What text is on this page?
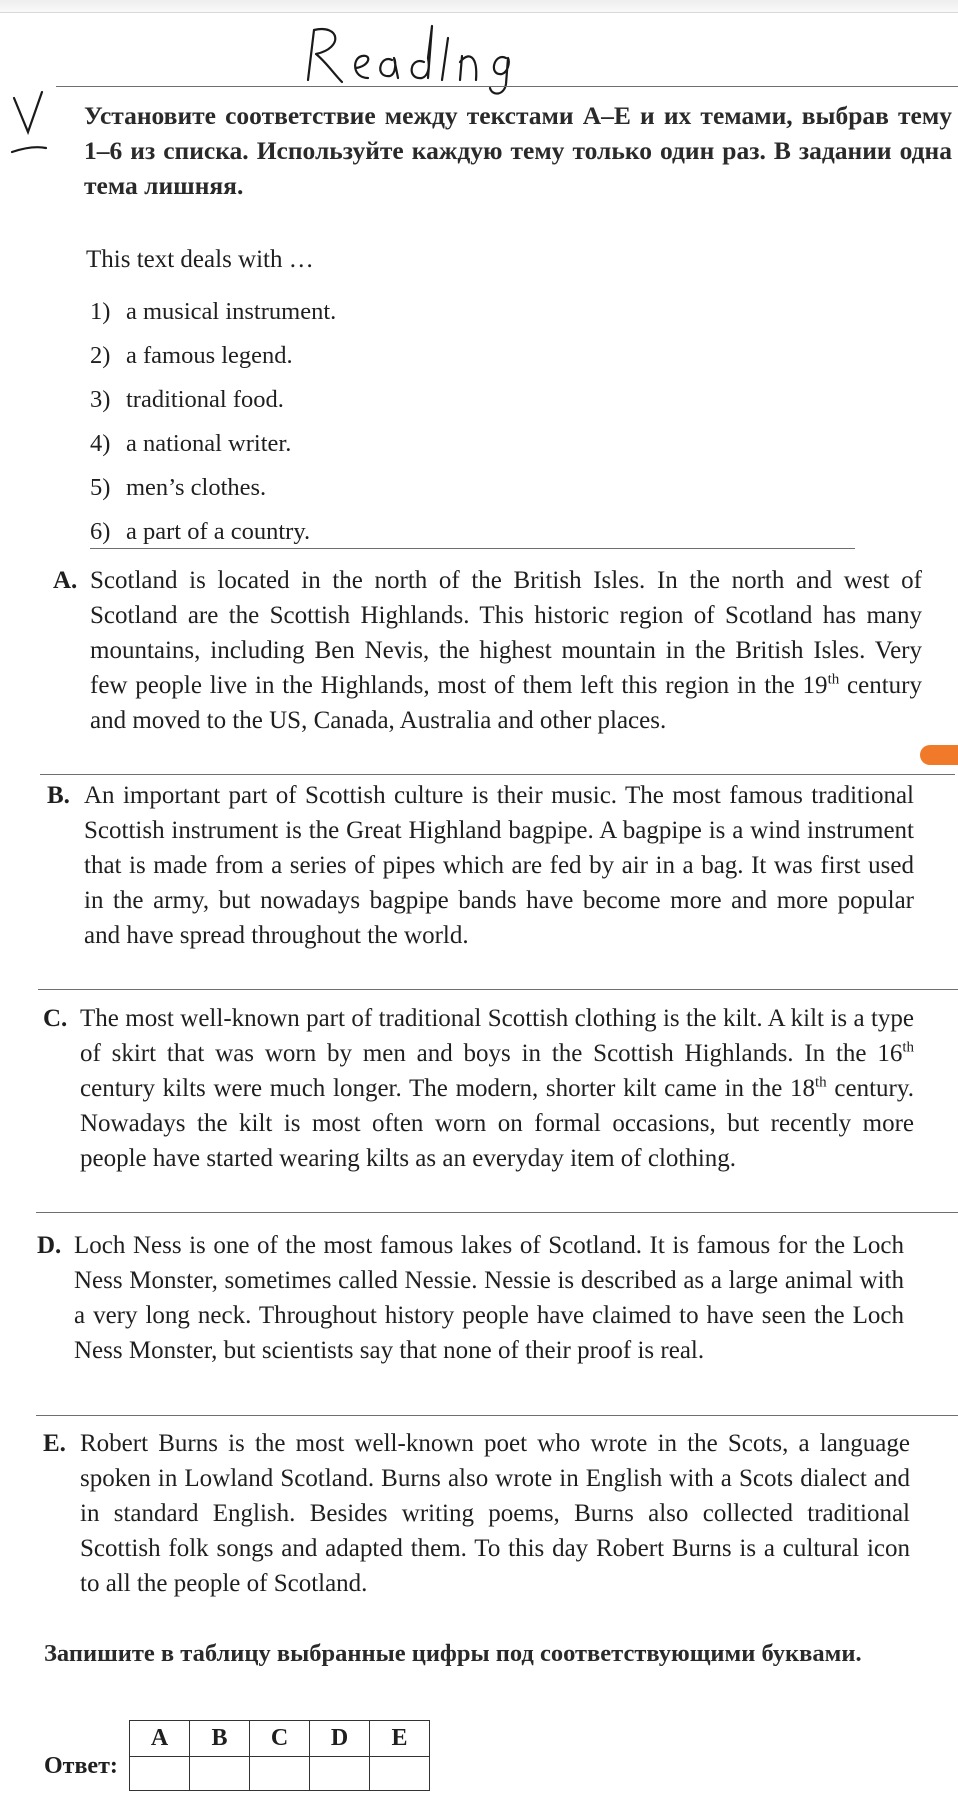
Установите соответствие между текстами A–E и их темами, выбрав тему 1–6 из списка. Используйте каждую тему только один раз. В задании одна тема лишняя.
This text deals with …
1) a musical instrument.
2) a famous legend.
3) traditional food.
4) a national writer.
5) men’s clothes.
6) a part of a country.
A. Scotland is located in the north of the British Isles. In the north and west of Scotland are the Scottish Highlands. This historic region of Scotland has many mountains, including Ben Nevis, the highest mountain in the British Isles. Very few people live in the Highlands, most of them left this region in the 19th century and moved to the US, Canada, Australia and other places.
B. An important part of Scottish culture is their music. The most famous traditional Scottish instrument is the Great Highland bagpipe. A bagpipe is a wind instrument that is made from a series of pipes which are fed by air in a bag. It was first used in the army, but nowadays bagpipe bands have become more and more popular and have spread throughout the world.
C. The most well-known part of traditional Scottish clothing is the kilt. A kilt is a type of skirt that was worn by men and boys in the Scottish Highlands. In the 16th century kilts were much longer. The modern, shorter kilt came in the 18th century. Nowadays the kilt is most often worn on formal occasions, but recently more people have started wearing kilts as an everyday item of clothing.
D. Loch Ness is one of the most famous lakes of Scotland. It is famous for the Loch Ness Monster, sometimes called Nessie. Nessie is described as a large animal with a very long neck. Throughout history people have claimed to have seen the Loch Ness Monster, but scientists say that none of their proof is real.
E. Robert Burns is the most well-known poet who wrote in the Scots, a language spoken in Lowland Scotland. Burns also wrote in English with a Scots dialect and in standard English. Besides writing poems, Burns also collected traditional Scottish folk songs and adapted them. To this day Robert Burns is a cultural icon to all the people of Scotland.
Запишите в таблицу выбранные цифры под соответствующими буквами.
Ответ:
A	B	C	D	E
